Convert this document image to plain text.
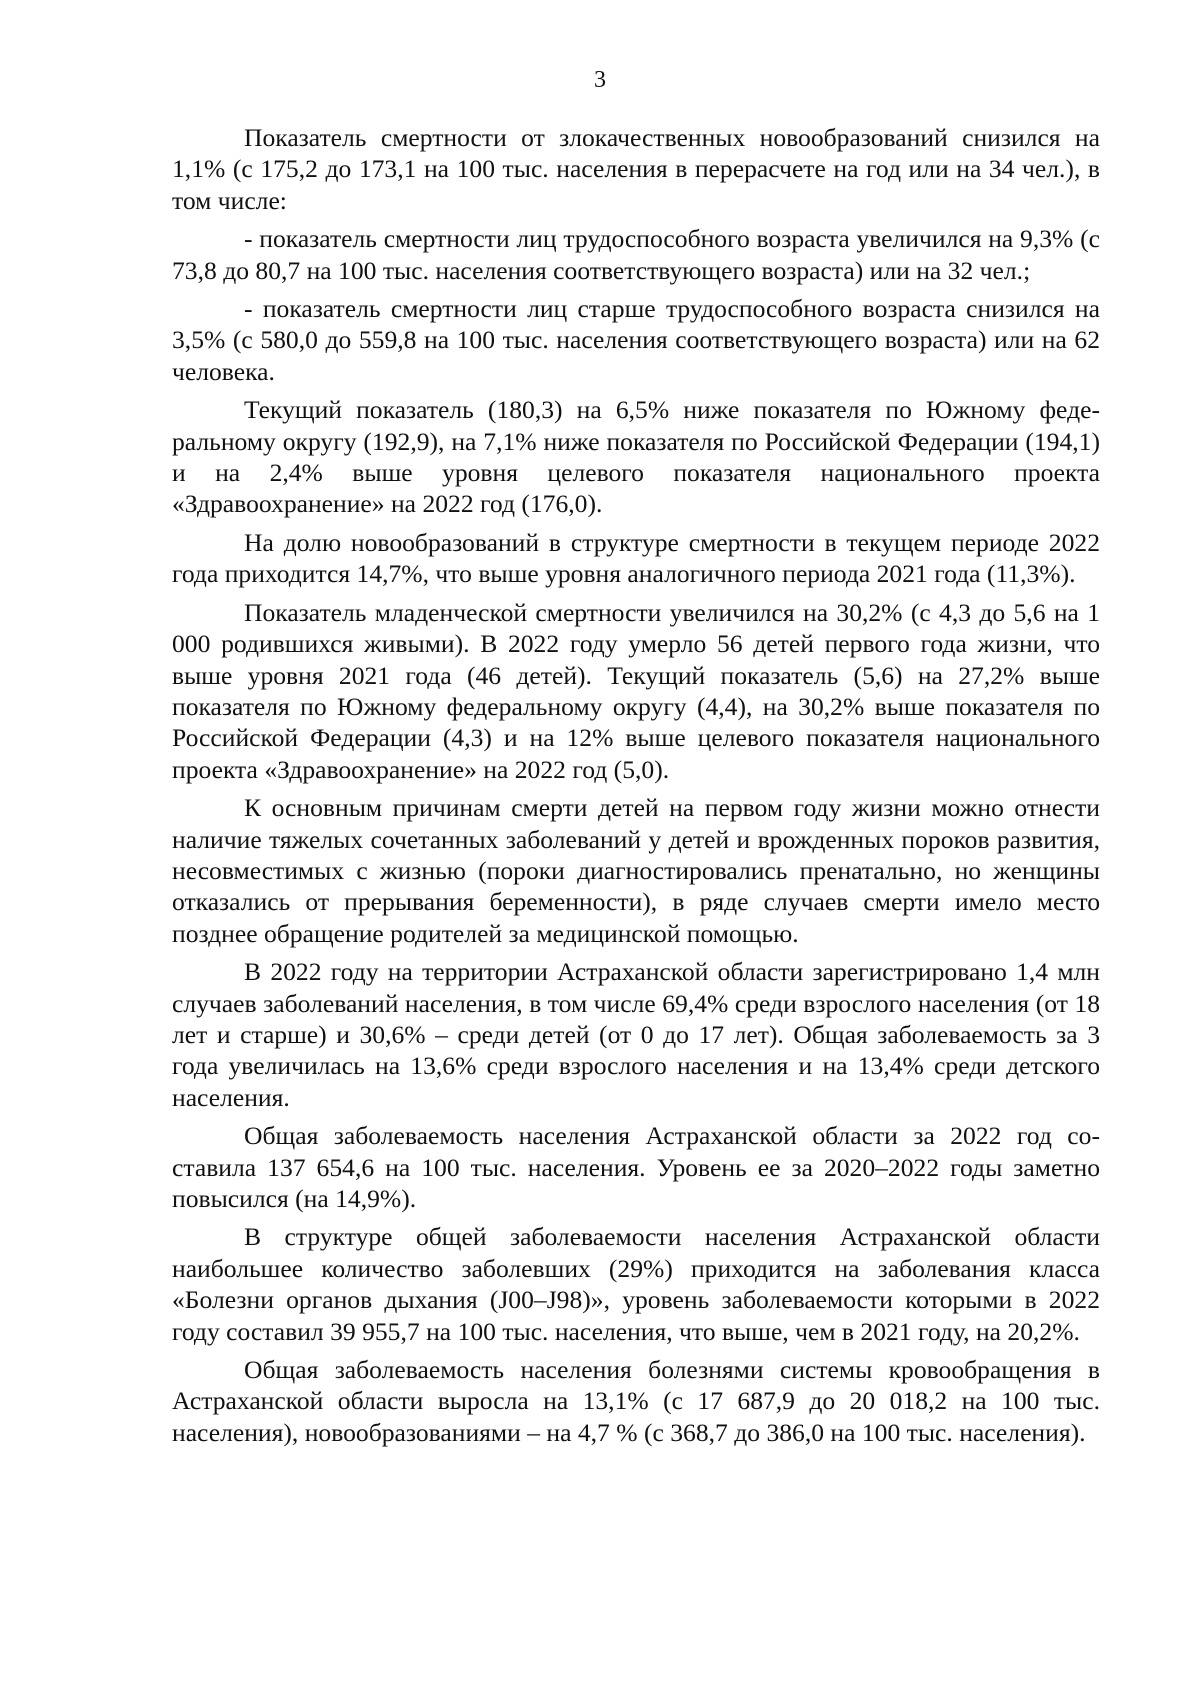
3

Показатель смертности от злокачественных новообразований снизился на 1,1% (с 175,2 до 173,1 на 100 тыс. населения в перерасчете на год или на 34 чел.), в том числе:

- показатель смертности лиц трудоспособного возраста увеличился на 9,3% (с 73,8 до 80,7 на 100 тыс. населения соответствующего возраста) или на 32 чел.;

- показатель смертности лиц старше трудоспособного возраста снизился на 3,5% (с 580,0 до 559,8 на 100 тыс. населения соответствующего возраста) или на 62 человека.

Текущий показатель (180,3) на 6,5% ниже показателя по Южному федеральному округу (192,9), на 7,1% ниже показателя по Российской Федерации (194,1) и на 2,4% выше уровня целевого показателя национального проекта «Здравоохранение» на 2022 год (176,0).

На долю новообразований в структуре смертности в текущем периоде 2022 года приходится 14,7%, что выше уровня аналогичного периода 2021 года (11,3%).

Показатель младенческой смертности увеличился на 30,2% (с 4,3 до 5,6 на 1 000 родившихся живыми). В 2022 году умерло 56 детей первого года жизни, что выше уровня 2021 года (46 детей). Текущий показатель (5,6) на 27,2% выше показателя по Южному федеральному округу (4,4), на 30,2% выше показателя по Российской Федерации (4,3) и на 12% выше целевого показателя национального проекта «Здравоохранение» на 2022 год (5,0).

К основным причинам смерти детей на первом году жизни можно отнести наличие тяжелых сочетанных заболеваний у детей и врожденных пороков развития, несовместимых с жизнью (пороки диагностировались пренатально, но женщины отказались от прерывания беременности), в ряде случаев смерти имело место позднее обращение родителей за медицинской помощью.

В 2022 году на территории Астраханской области зарегистрировано 1,4 млн случаев заболеваний населения, в том числе 69,4% среди взрослого населения (от 18 лет и старше) и 30,6% – среди детей (от 0 до 17 лет). Общая заболеваемость за 3 года увеличилась на 13,6% среди взрослого населения и на 13,4% среди детского населения.

Общая заболеваемость населения Астраханской области за 2022 год составила 137 654,6 на 100 тыс. населения. Уровень ее за 2020–2022 годы заметно повысился (на 14,9%).

В структуре общей заболеваемости населения Астраханской области наибольшее количество заболевших (29%) приходится на заболевания класса «Болезни органов дыхания (J00–J98)», уровень заболеваемости которыми в 2022 году составил 39 955,7 на 100 тыс. населения, что выше, чем в 2021 году, на 20,2%.

Общая заболеваемость населения болезнями системы кровообращения в Астраханской области выросла на 13,1% (с 17 687,9 до 20 018,2 на 100 тыс. населения), новообразованиями – на 4,7 % (с 368,7 до 386,0 на 100 тыс. населения).
